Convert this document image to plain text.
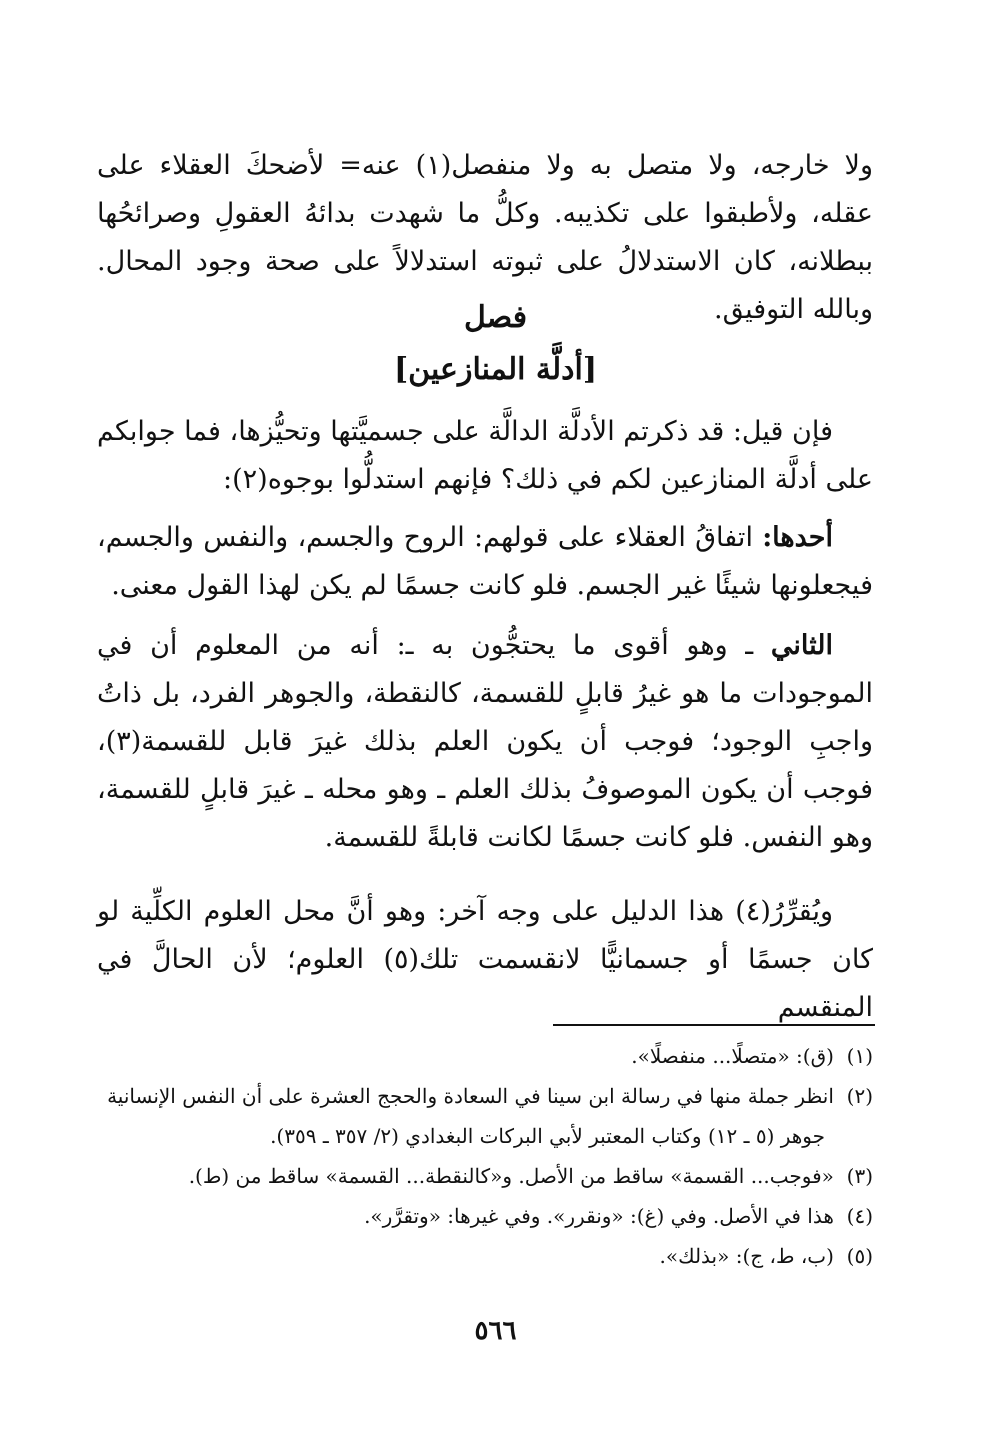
ولا خارجه، ولا متصل به ولا منفصل(١) عنه= لأضحكَ العقلاء على عقله، ولأطبقوا على تكذيبه. وكلُّ ما شهدت بدائهُ العقولِ وصرائحُها ببطلانه، كان الاستدلالُ على ثبوته استدلالاً على صحة وجود المحال. وبالله التوفيق.

فصل
[أدلَّة المنازعين]

فإن قيل: قد ذكرتم الأدلَّة الدالَّة على جسميَّتها وتحيُّزها، فما جوابكم على أدلَّة المنازعين لكم في ذلك؟ فإنهم استدلُّوا بوجوه(٢):

أحدها: اتفاقُ العقلاء على قولهم: الروح والجسم، والنفس والجسم، فيجعلونها شيئًا غير الجسم. فلو كانت جسمًا لم يكن لهذا القول معنى.

الثاني ـ وهو أقوى ما يحتجُّون به ـ: أنه من المعلوم أن في الموجودات ما هو غيرُ قابلٍ للقسمة، كالنقطة، والجوهر الفرد، بل ذاتُ واجبِ الوجود؛ فوجب أن يكون العلم بذلك غيرَ قابل للقسمة(٣)، فوجب أن يكون الموصوفُ بذلك العلم ـ وهو محله ـ غيرَ قابلٍ للقسمة، وهو النفس. فلو كانت جسمًا لكانت قابلةً للقسمة.

ويُقرِّرُ(٤) هذا الدليل على وجه آخر: وهو أنَّ محل العلوم الكلِّية لو كان جسمًا أو جسمانيًّا لانقسمت تلك(٥) العلوم؛ لأن الحالَّ في المنقسم

(١)  (ق): «متصلًا... منفصلًا».
(٢)  انظر جملة منها في رسالة ابن سينا في السعادة والحجج العشرة على أن النفس الإنسانية
جوهر (٥ ـ ١٢) وكتاب المعتبر لأبي البركات البغدادي (٢/ ٣٥٧ ـ ٣٥٩).
(٣)  «فوجب... القسمة» ساقط من الأصل. و«كالنقطة... القسمة» ساقط من (ط).
(٤)  هذا في الأصل. وفي (غ): «ونقرر». وفي غيرها: «وتقرَّر».
(٥)  (ب، ط، ج): «بذلك».
٥٦٦
